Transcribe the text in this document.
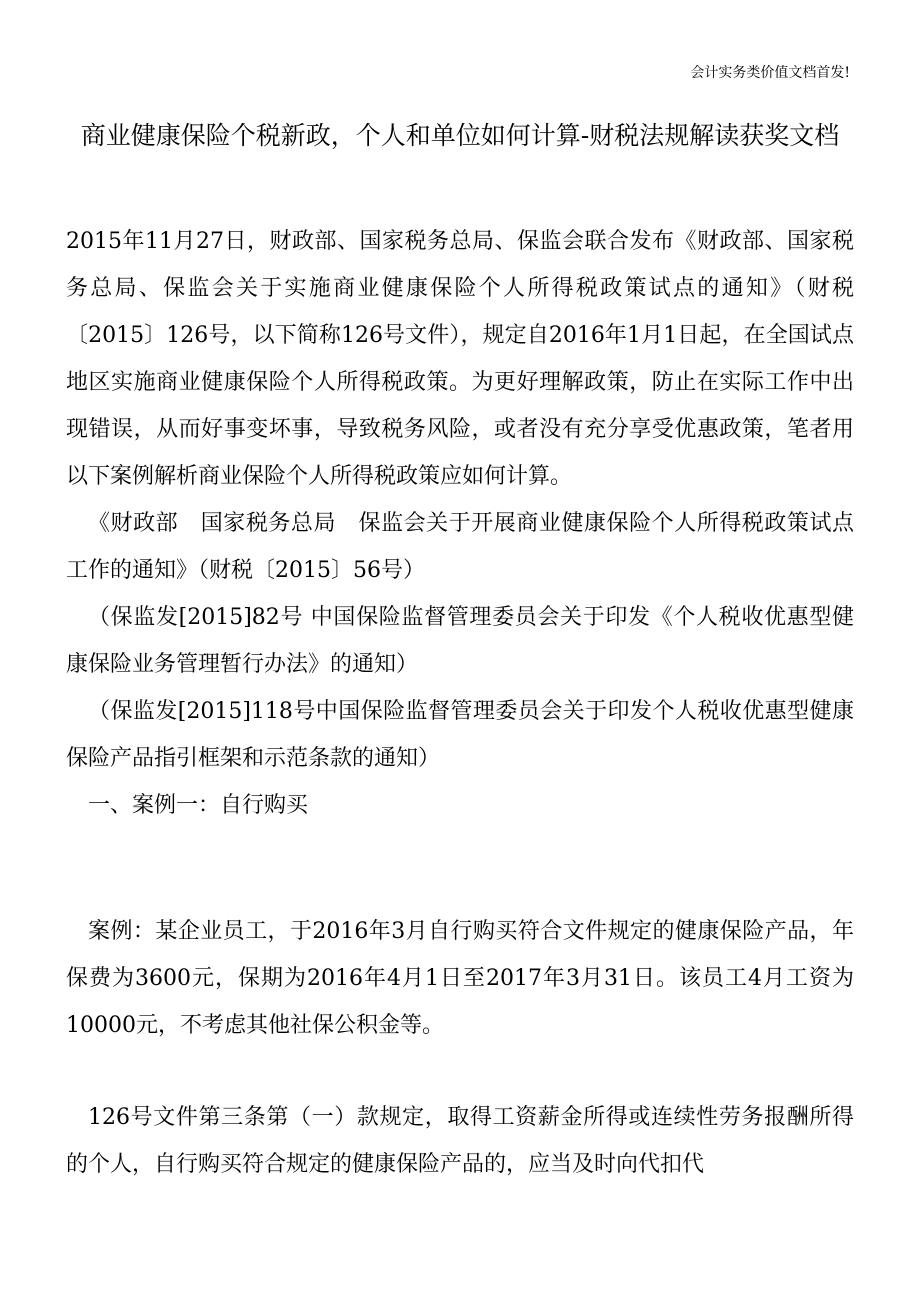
会计实务类价值文档首发!
商业健康保险个税新政，个人和单位如何计算-财税法规解读获奖文档

2015年11月27日，财政部、国家税务总局、保监会联合发布《财政部、国家税务总局、保监会关于实施商业健康保险个人所得税政策试点的通知》（财税〔2015〕126号，以下简称126号文件），规定自2016年1月1日起，在全国试点地区实施商业健康保险个人所得税政策。为更好理解政策，防止在实际工作中出现错误，从而好事变坏事，导致税务风险，或者没有充分享受优惠政策，笔者用以下案例解析商业保险个人所得税政策应如何计算。

《财政部　国家税务总局　保监会关于开展商业健康保险个人所得税政策试点工作的通知》（财税〔2015〕56号）

（保监发[2015]82号 中国保险监督管理委员会关于印发《个人税收优惠型健康保险业务管理暂行办法》的通知）

（保监发[2015]118号中国保险监督管理委员会关于印发个人税收优惠型健康保险产品指引框架和示范条款的通知）

一、案例一：自行购买

案例：某企业员工，于2016年3月自行购买符合文件规定的健康保险产品，年保费为3600元，保期为2016年4月1日至2017年3月31日。该员工4月工资为10000元，不考虑其他社保公积金等。

126号文件第三条第（一）款规定，取得工资薪金所得或连续性劳务报酬所得的个人，自行购买符合规定的健康保险产品的，应当及时向代扣代
